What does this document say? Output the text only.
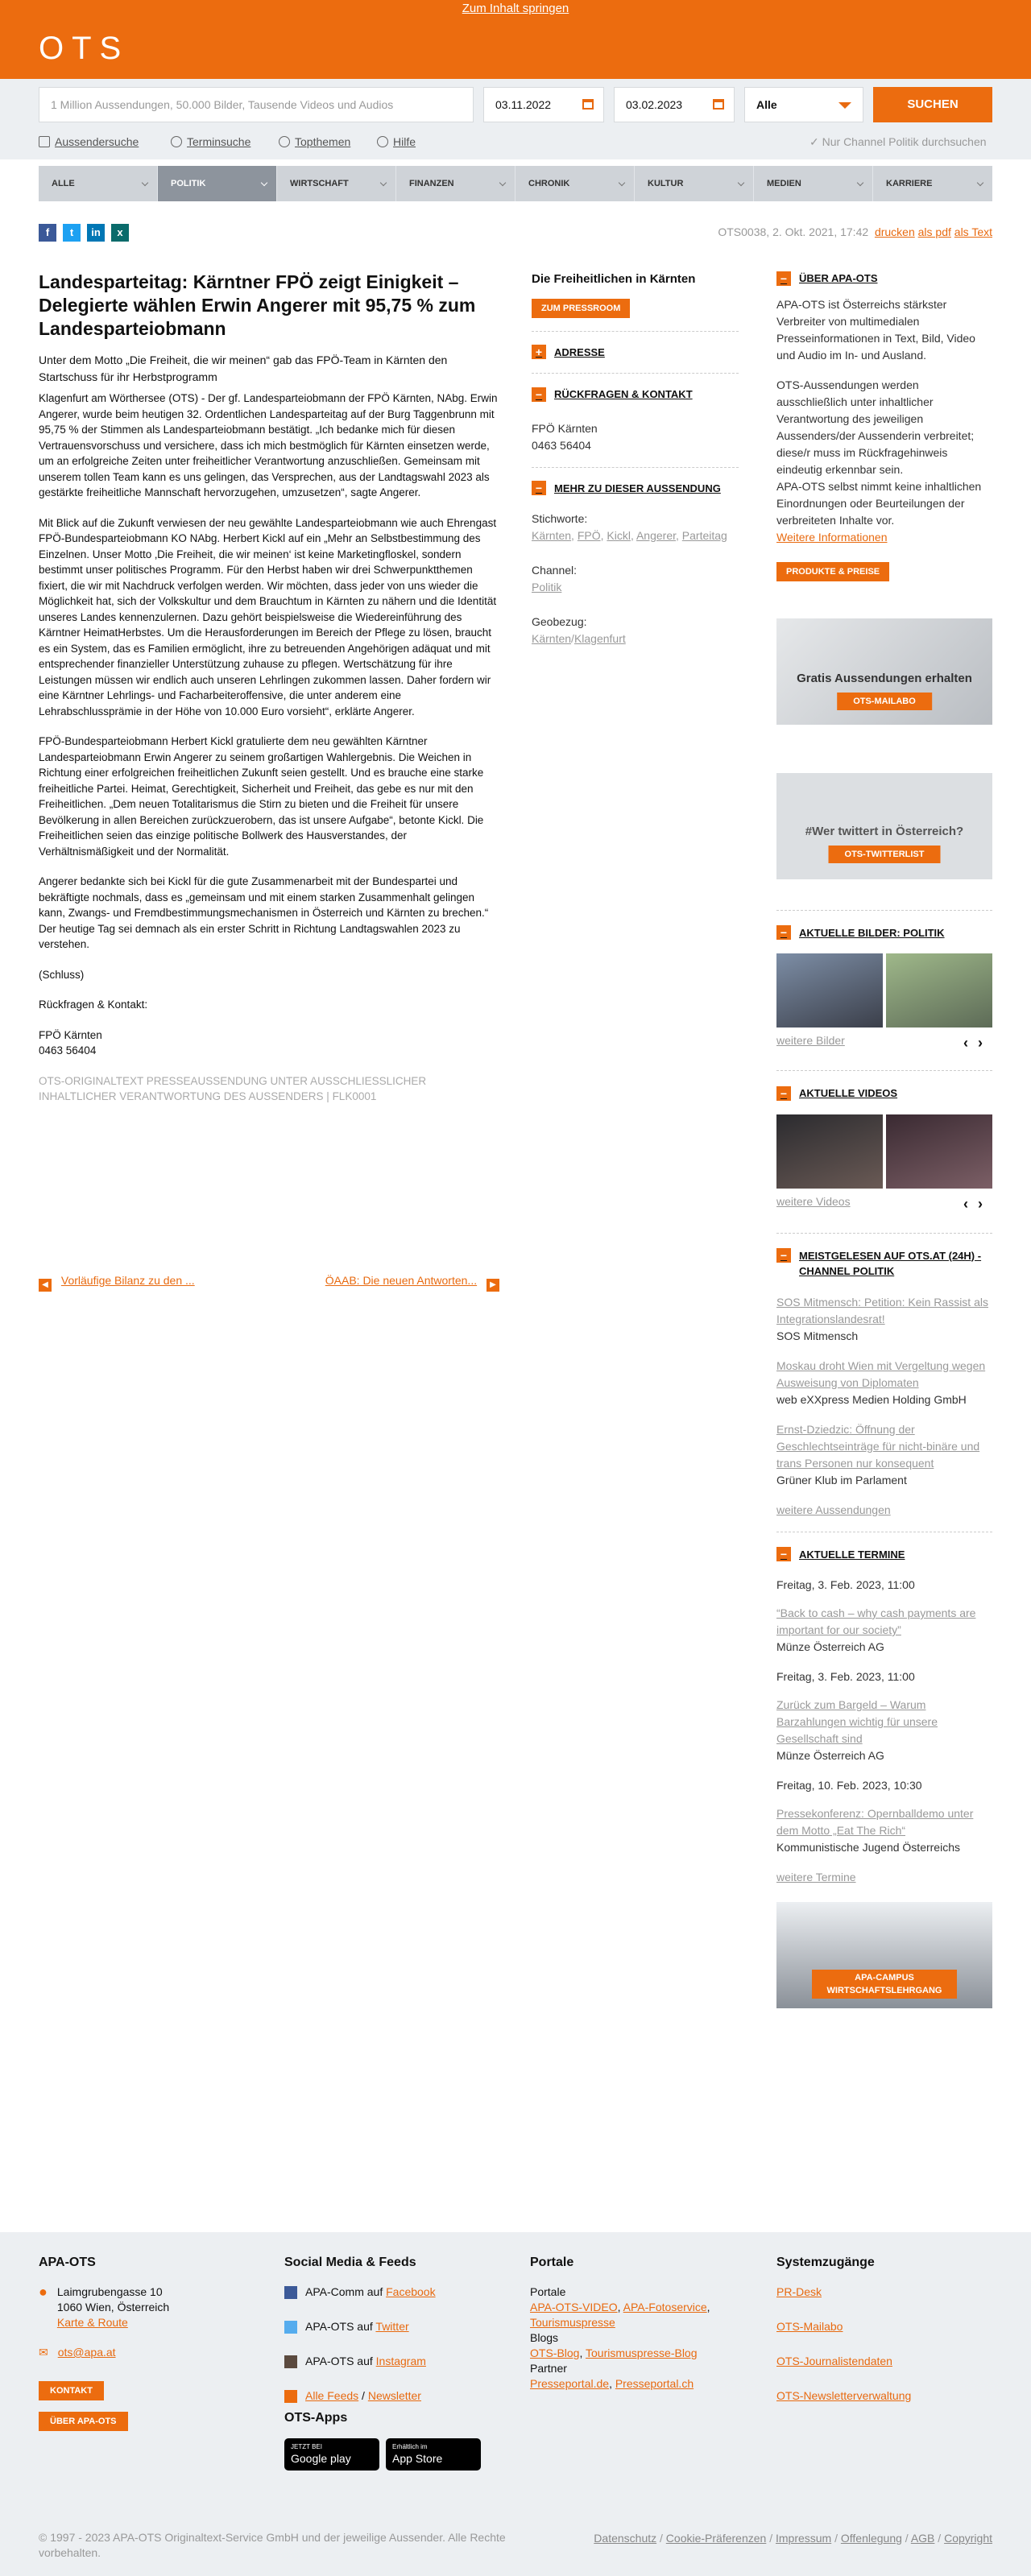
Zum Inhalt springen
OTS
1 Million Aussendungen, 50.000 Bilder, Tausende Videos und Audios	03.11.2022	03.02.2023	Alle	SUCHEN
Aussendersuche	Terminsuche	Topthemen	Hilfe	✓ Nur Channel Politik durchsuchen
ALLE	POLITIK	WIRTSCHAFT	FINANZEN	CHRONIK	KULTUR	MEDIEN	KARRIERE
f	t	in	x	OTS0038, 2. Okt. 2021, 17:42 drucken als pdf als Text
Landesparteitag: Kärntner FPÖ zeigt Einigkeit – Delegierte wählen Erwin Angerer mit 95,75 % zum Landesparteiobmann

Unter dem Motto „Die Freiheit, die wir meinen“ gab das FPÖ-Team in Kärnten den Startschuss für ihr Herbstprogramm

Klagenfurt am Wörthersee (OTS) - Der gf. Landesparteiobmann der FPÖ Kärnten, NAbg. Erwin Angerer, wurde beim heutigen 32. Ordentlichen Landesparteitag auf der Burg Taggenbrunn mit 95,75 % der Stimmen als Landesparteiobmann bestätigt. „Ich bedanke mich für diesen Vertrauensvorschuss und versichere, dass ich mich bestmöglich für Kärnten einsetzen werde, um an erfolgreiche Zeiten unter freiheitlicher Verantwortung anzuschließen. Gemeinsam mit unserem tollen Team kann es uns gelingen, das Versprechen, aus der Landtagswahl 2023 als gestärkte freiheitliche Mannschaft hervorzugehen, umzusetzen“, sagte Angerer.

Mit Blick auf die Zukunft verwiesen der neu gewählte Landesparteiobmann wie auch Ehrengast FPÖ-Bundesparteiobmann KO NAbg. Herbert Kickl auf ein „Mehr an Selbstbestimmung des Einzelnen. Unser Motto ‚Die Freiheit, die wir meinen‘ ist keine Marketingfloskel, sondern bestimmt unser politisches Programm. Für den Herbst haben wir drei Schwerpunktthemen fixiert, die wir mit Nachdruck verfolgen werden. Wir möchten, dass jeder von uns wieder die Möglichkeit hat, sich der Volkskultur und dem Brauchtum in Kärnten zu nähern und die Identität unseres Landes kennenzulernen. Dazu gehört beispielsweise die Wiedereinführung des Kärntner HeimatHerbstes. Um die Herausforderungen im Bereich der Pflege zu lösen, braucht es ein System, das es Familien ermöglicht, ihre zu betreuenden Angehörigen adäquat und mit entsprechender finanzieller Unterstützung zuhause zu pflegen. Wertschätzung für ihre Leistungen müssen wir endlich auch unseren Lehrlingen zukommen lassen. Daher fordern wir eine Kärntner Lehrlings- und Facharbeiteroffensive, die unter anderem eine Lehrabschlussprämie in der Höhe von 10.000 Euro vorsieht“, erklärte Angerer.

FPÖ-Bundesparteiobmann Herbert Kickl gratulierte dem neu gewählten Kärntner Landesparteiobmann Erwin Angerer zu seinem großartigen Wahlergebnis. Die Weichen in Richtung einer erfolgreichen freiheitlichen Zukunft seien gestellt. Und es brauche eine starke freiheitliche Partei. Heimat, Gerechtigkeit, Sicherheit und Freiheit, das gebe es nur mit den Freiheitlichen. „Dem neuen Totalitarismus die Stirn zu bieten und die Freiheit für unsere Bevölkerung in allen Bereichen zurückzuerobern, das ist unsere Aufgabe“, betonte Kickl. Die Freiheitlichen seien das einzige politische Bollwerk des Hausverstandes, der Verhältnismäßigkeit und der Normalität.

Angerer bedankte sich bei Kickl für die gute Zusammenarbeit mit der Bundespartei und bekräftigte nochmals, dass es „gemeinsam und mit einem starken Zusammenhalt gelingen kann, Zwangs- und Fremdbestimmungsmechanismen in Österreich und Kärnten zu brechen.“ Der heutige Tag sei demnach als ein erster Schritt in Richtung Landtagswahlen 2023 zu verstehen.

(Schluss)

Rückfragen & Kontakt:

FPÖ Kärnten

0463 56404

OTS-ORIGINALTEXT PRESSEAUSSENDUNG UNTER AUSSCHLIESSLICHER INHALTLICHER VERANTWORTUNG DES AUSSENDERS | FLK0001

◀ Vorläufige Bilanz zu den ...	ÖAAB: Die neuen Antworten... ▶
Die Freiheitlichen in Kärnten
ZUM PRESSROOM
+	ADRESSE
−	RÜCKFRAGEN & KONTAKT
FPÖ Kärnten
0463 56404
−	MEHR ZU DIESER AUSSENDUNG
Stichworte:
Kärnten, FPÖ, Kickl, Angerer, Parteitag
Channel:
Politik
Geobezug:
Kärnten/Klagenfurt
−	ÜBER APA-OTS

APA-OTS ist Österreichs stärkster Verbreiter von multimedialen Presseinformationen in Text, Bild, Video und Audio im In- und Ausland.

OTS-Aussendungen werden ausschließlich unter inhaltlicher Verantwortung des jeweiligen Aussenders/der Aussenderin verbreitet; diese/r muss im Rückfragehinweis eindeutig erkennbar sein.

APA-OTS selbst nimmt keine inhaltlichen Einordnungen oder Beurteilungen der verbreiteten Inhalte vor.

Weitere Informationen
PRODUKTE & PREISE
Gratis Aussendungen erhalten
OTS-MAILABO
#Wer twittert in Österreich?
OTS-TWITTERLIST
−	AKTUELLE BILDER: POLITIK
weitere Bilder	‹›
−	AKTUELLE VIDEOS
weitere Videos	‹›
−	MEISTGELESEN AUF OTS.AT (24H) - CHANNEL POLITIK
SOS Mitmensch: Petition: Kein Rassist als Integrationslandesrat!
SOS Mitmensch
Moskau droht Wien mit Vergeltung wegen Ausweisung von Diplomaten
web eXXpress Medien Holding GmbH
Ernst-Dziedzic: Öffnung der Geschlechtseinträge für nicht-binäre und trans Personen nur konsequent
Grüner Klub im Parlament
weitere Aussendungen
−	AKTUELLE TERMINE
Freitag, 3. Feb. 2023, 11:00
“Back to cash – why cash payments are important for our society”
Münze Österreich AG
Freitag, 3. Feb. 2023, 11:00
Zurück zum Bargeld – Warum Barzahlungen wichtig für unsere Gesellschaft sind
Münze Österreich AG
Freitag, 10. Feb. 2023, 10:30
Pressekonferenz: Opernballdemo unter dem Motto „Eat The Rich“
Kommunistische Jugend Österreichs
weitere Termine
APA-CAMPUS WIRTSCHAFTSLEHRGANG
APA-OTS
● Laimgrubengasse 10
1060 Wien, Österreich
Karte & Route
✉ ots@apa.at
KONTAKT
ÜBER APA-OTS
Social Media & Feeds
APA-Comm auf Facebook
APA-OTS auf Twitter
APA-OTS auf Instagram
Alle Feeds / Newsletter
OTS-Apps
JETZT BEI
Google play
Erhältlich im
App Store
Portale
Portale
APA-OTS-VIDEO, APA-Fotoservice, Tourismuspresse
Blogs
OTS-Blog, Tourismuspresse-Blog
Partner
Presseportal.de, Presseportal.ch
Systemzugänge
PR-Desk
OTS-Mailabo
OTS-Journalistendaten
OTS-Newsletterverwaltung
© 1997 - 2023 APA-OTS Originaltext-Service GmbH und der jeweilige Aussender. Alle Rechte vorbehalten.
Datenschutz / Cookie-Präferenzen / Impressum / Offenlegung / AGB / Copyright
